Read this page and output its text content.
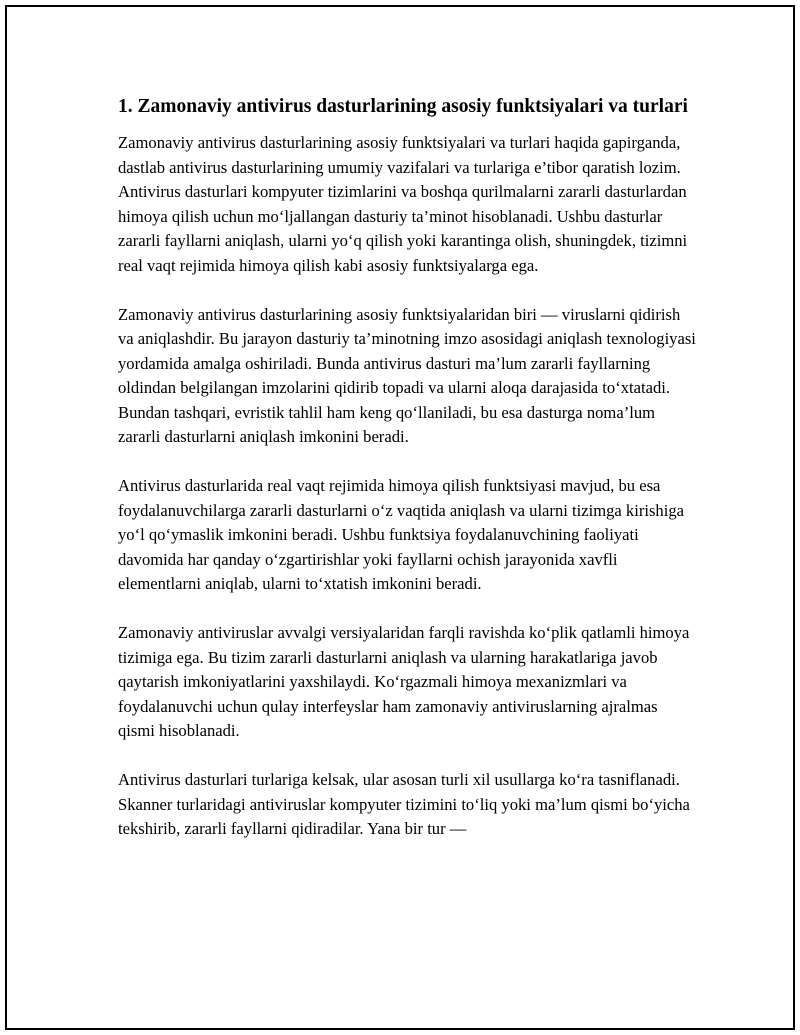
1. Zamonaviy antivirus dasturlarining asosiy funktsiyalari va turlari

Zamonaviy antivirus dasturlarining asosiy funktsiyalari va turlari haqida gapirganda, dastlab antivirus dasturlarining umumiy vazifalari va turlariga e’tibor qaratish lozim. Antivirus dasturlari kompyuter tizimlarini va boshqa qurilmalarni zararli dasturlardan himoya qilish uchun mo‘ljallangan dasturiy ta’minot hisoblanadi. Ushbu dasturlar zararli fayllarni aniqlash, ularni yo‘q qilish yoki karantinga olish, shuningdek, tizimni real vaqt rejimida himoya qilish kabi asosiy funktsiyalarga ega.

Zamonaviy antivirus dasturlarining asosiy funktsiyalaridan biri — viruslarni qidirish va aniqlashdir. Bu jarayon dasturiy ta’minotning imzo asosidagi aniqlash texnologiyasi yordamida amalga oshiriladi. Bunda antivirus dasturi ma’lum zararli fayllarning oldindan belgilangan imzolarini qidirib topadi va ularni aloqa darajasida to‘xtatadi. Bundan tashqari, evristik tahlil ham keng qo‘llaniladi, bu esa dasturga noma’lum zararli dasturlarni aniqlash imkonini beradi.

Antivirus dasturlarida real vaqt rejimida himoya qilish funktsiyasi mavjud, bu esa foydalanuvchilarga zararli dasturlarni o‘z vaqtida aniqlash va ularni tizimga kirishiga yo‘l qo‘ymaslik imkonini beradi. Ushbu funktsiya foydalanuvchining faoliyati davomida har qanday o‘zgartirishlar yoki fayllarni ochish jarayonida xavfli elementlarni aniqlab, ularni to‘xtatish imkonini beradi.

Zamonaviy antiviruslar avvalgi versiyalaridan farqli ravishda ko‘plik qatlamli himoya tizimiga ega. Bu tizim zararli dasturlarni aniqlash va ularning harakatlariga javob qaytarish imkoniyatlarini yaxshilaydi. Ko‘rgazmali himoya mexanizmlari va foydalanuvchi uchun qulay interfeyslar ham zamonaviy antiviruslarning ajralmas qismi hisoblanadi.

Antivirus dasturlari turlariga kelsak, ular asosan turli xil usullarga ko‘ra tasniflanadi. Skanner turlaridagi antiviruslar kompyuter tizimini to‘liq yoki ma’lum qismi bo‘yicha tekshirib, zararli fayllarni qidiradilar. Yana bir tur —
